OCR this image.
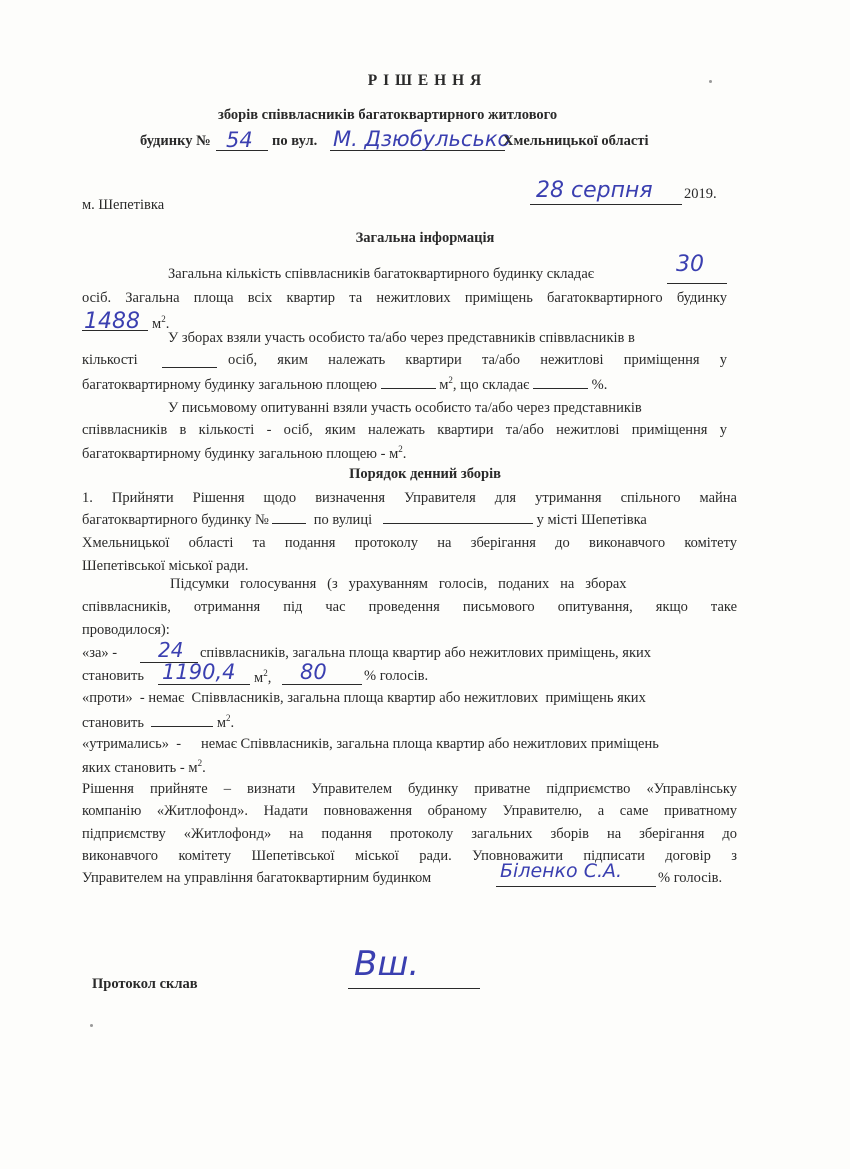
Р І Ш Е Н Н Я
зборів співвласників багатоквартирного житлового
будинку № 54 по вул. М. Дзюбульсько
Хмельницької області
м. Шепетівка
28 серпня 2019.
Загальна інформація
Загальна кількість співвласників багатоквартирного будинку складає	30
осіб. Загальна площа всіх квартир та нежитлових приміщень багатоквартирного будинку
1488 $м^2$.
У зборах взяли участь особисто та/або через представників співвласників в
кількості	осіб, яким належать квартири та/або нежитлові приміщення у
багатоквартирному будинку загальною площею	$м^2$, що складає	%.
У письмовому опитуванні взяли участь особисто та/або через представників
співвласників в кількості - осіб, яким належать квартири та/або нежитлові приміщення у
багатоквартирному будинку загальною площею - $м^2$.
Порядок денний зборів
1. Прийняти Рішення щодо визначення Управителя для утримання спільного майна
багатоквартирного будинку №	по вулиці	у місті Шепетівка
Хмельницької області та подання протоколу на зберігання до виконавчого комітету
Шепетівської міської ради.
Підсумки   голосування   (з   урахуванням   голосів,   поданих   на   зборах
співвласників, отримання під час проведення письмового опитування, якщо таке
проводилося):
«за» - 24 співвласників, загальна площа квартир або нежитлових приміщень, яких
становить 1190,4 $м^2$, 80	% голосів.
«проти»  - немає  Співвласників, загальна площа квартир або нежитлових  приміщень яких
становить	$м^2$.
«утримались»  - немає Співвласників, загальна площа квартир або нежитлових приміщень
яких становить - $м^2$.
Рішення прийняте – визнати Управителем будинку приватне підприємство «Управлінську
компанію «Житлофонд». Надати повноваження обраному Управителю, а саме приватному
підприємству «Житлофонд» на подання протоколу загальних зборів на зберігання до
виконавчого комітету Шепетівської міської ради. Уповноважити підписати договір з
Управителем на управління багатоквартирним будинком	Біленко С.А. % голосів.
Протокол склав	Вш.
